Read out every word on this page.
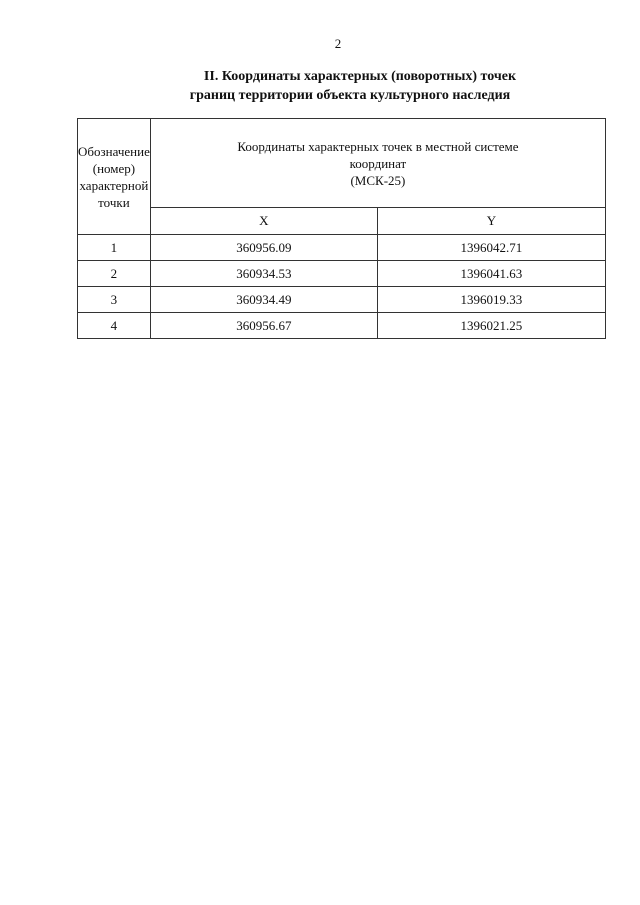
2
II. Координаты характерных (поворотных) точек
границ территории объекта культурного наследия
Обозначение (номер) характерной точки	Координаты характерных точек в местной системе
координат
(МСК-25)	

	X	Y
1	360956.09	1396042.71
2	360934.53	1396041.63
3	360934.49	1396019.33
4	360956.67	1396021.25
